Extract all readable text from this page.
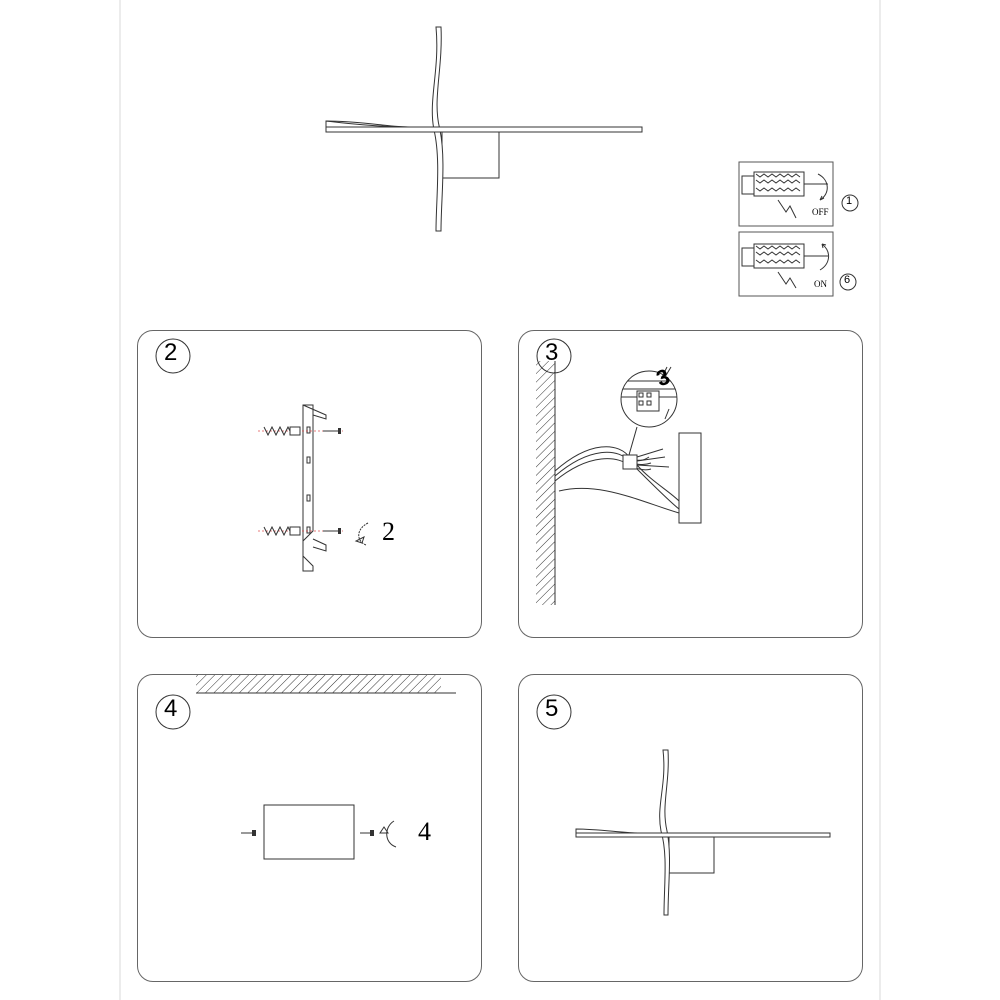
OFF
1
ON 6
2
2
3
3
4
4
5
